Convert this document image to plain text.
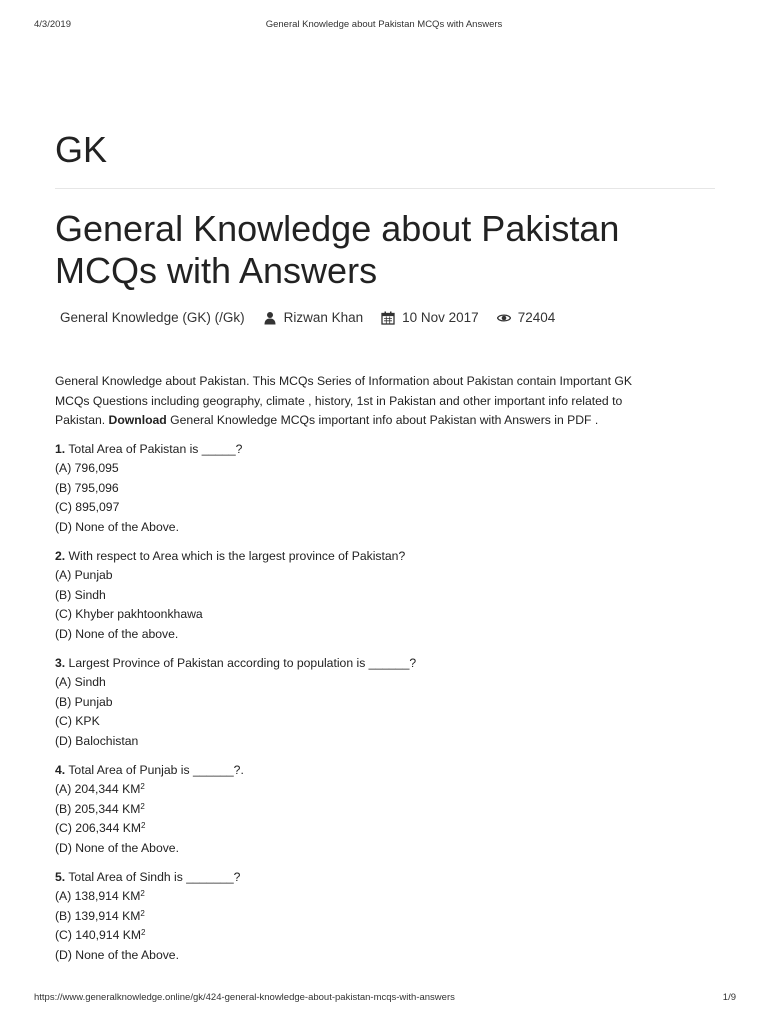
4/3/2019	General Knowledge about Pakistan MCQs with Answers
GK
General Knowledge about Pakistan MCQs with Answers
General Knowledge (GK) (/Gk)	Rizwan Khan	10 Nov 2017	72404

General Knowledge about Pakistan. This MCQs Series of Information about Pakistan contain Important GK
MCQs Questions including geography, climate , history, 1st in Pakistan and other important info related to
Pakistan. Download General Knowledge MCQs important info about Pakistan with Answers in PDF .

1. Total Area of Pakistan is _____?
(A) 796,095
(B) 795,096
(C) 895,097
(D) None of the Above.
2. With respect to Area which is the largest province of Pakistan?
(A) Punjab
(B) Sindh
(C) Khyber pakhtoonkhawa
(D) None of the above.
3. Largest Province of Pakistan according to population is ______?
(A) Sindh
(B) Punjab
(C) KPK
(D) Balochistan
4. Total Area of Punjab is ______?.
(A) 204,344 $KM^2$
(B) 205,344 $KM^2$
(C) 206,344 $KM^2$
(D) None of the Above.
5. Total Area of Sindh is _______?
(A) 138,914 $KM^2$
(B) 139,914 $KM^2$
(C) 140,914 $KM^2$
(D) None of the Above.
https://www.generalknowledge.online/gk/424-general-knowledge-about-pakistan-mcqs-with-answers	1/9
